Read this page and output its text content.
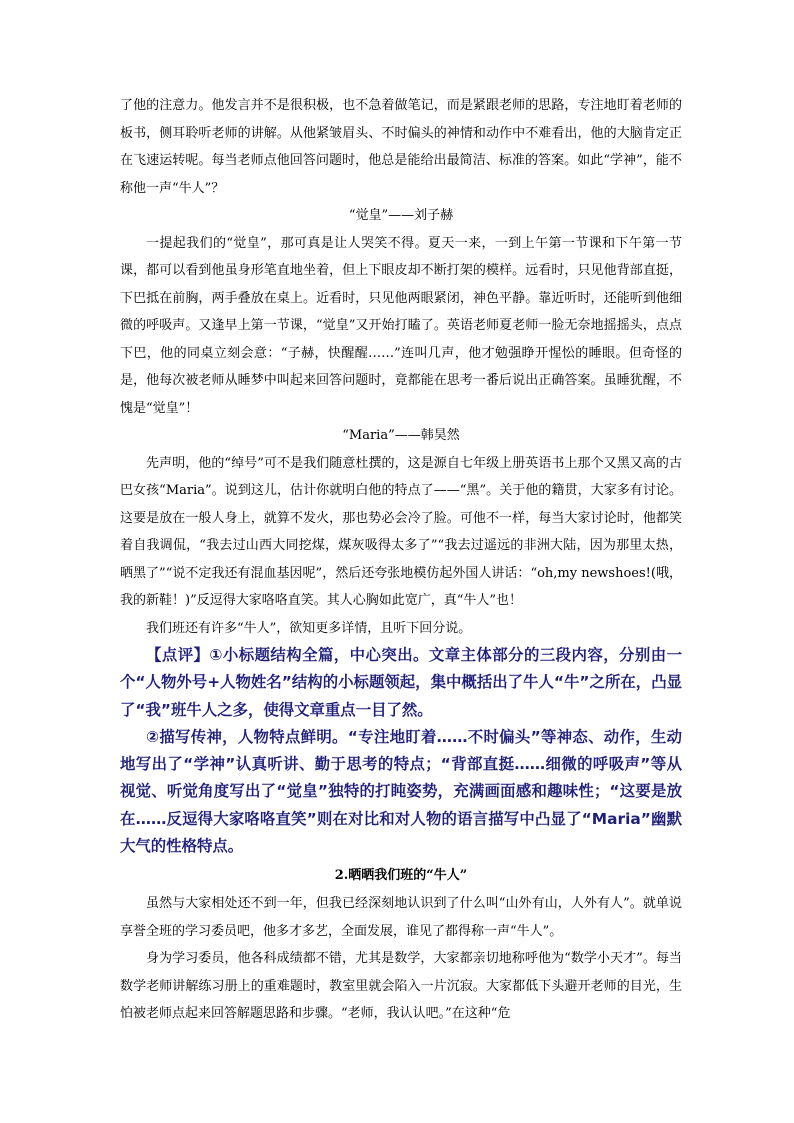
了他的注意力。他发言并不是很积极，也不急着做笔记，而是紧跟老师的思路，专注地盯着老师的板书，侧耳聆听老师的讲解。从他紧皱眉头、不时偏头的神情和动作中不难看出，他的大脑肯定正在飞速运转呢。每当老师点他回答问题时，他总是能给出最简洁、标准的答案。如此“学神”，能不称他一声“牛人”？

“觉皇”——刘子赫

一提起我们的“觉皇”，那可真是让人哭笑不得。夏天一来，一到上午第一节课和下午第一节课，都可以看到他虽身形笔直地坐着，但上下眼皮却不断打架的模样。远看时，只见他背部直挺，下巴抵在前胸，两手叠放在桌上。近看时，只见他两眼紧闭，神色平静。靠近听时，还能听到他细微的呼吸声。又逢早上第一节课，“觉皇”又开始打瞌了。英语老师夏老师一脸无奈地摇摇头，点点下巴，他的同桌立刻会意：“子赫，快醒醒……”连叫几声，他才勉强睁开惺忪的睡眼。但奇怪的是，他每次被老师从睡梦中叫起来回答问题时，竟都能在思考一番后说出正确答案。虽睡犹醒，不愧是“觉皇”！

“Maria”——韩昊然

先声明，他的“绰号”可不是我们随意杜撰的，这是源自七年级上册英语书上那个又黑又高的古巴女孩“Maria”。说到这儿，估计你就明白他的特点了——“黑”。关于他的籍贯，大家多有讨论。这要是放在一般人身上，就算不发火，那也势必会冷了脸。可他不一样，每当大家讨论时，他都笑着自我调侃，“我去过山西大同挖煤，煤灰吸得太多了”“我去过遥远的非洲大陆，因为那里太热，晒黑了”“说不定我还有混血基因呢”，然后还夸张地模仿起外国人讲话：“oh,my newshoes!(哦，我的新鞋！)”反逗得大家咯咯直笑。其人心胸如此宽广，真“牛人”也！

我们班还有许多“牛人”，欲知更多详情，且听下回分说。

【点评】①小标题结构全篇，中心突出。文章主体部分的三段内容，分别由一个“人物外号+人物姓名”结构的小标题领起，集中概括出了牛人“牛”之所在，凸显了“我”班牛人之多，使得文章重点一目了然。

②描写传神，人物特点鲜明。“专注地盯着……不时偏头”等神态、动作，生动地写出了“学神”认真听讲、勤于思考的特点；“背部直挺……细微的呼吸声”等从视觉、听觉角度写出了“觉皇”独特的打盹姿势，充满画面感和趣味性；“这要是放在……反逗得大家咯咯直笑”则在对比和对人物的语言描写中凸显了“Maria”幽默大气的性格特点。

2.晒晒我们班的“牛人”

虽然与大家相处还不到一年，但我已经深刻地认识到了什么叫“山外有山，人外有人”。就单说享誉全班的学习委员吧，他多才多艺，全面发展，谁见了都得称一声“牛人”。

身为学习委员，他各科成绩都不错，尤其是数学，大家都亲切地称呼他为“数学小天才”。每当数学老师讲解练习册上的重难题时，教室里就会陷入一片沉寂。大家都低下头避开老师的目光，生怕被老师点起来回答解题思路和步骤。“老师，我认认吧。”在这种“危
